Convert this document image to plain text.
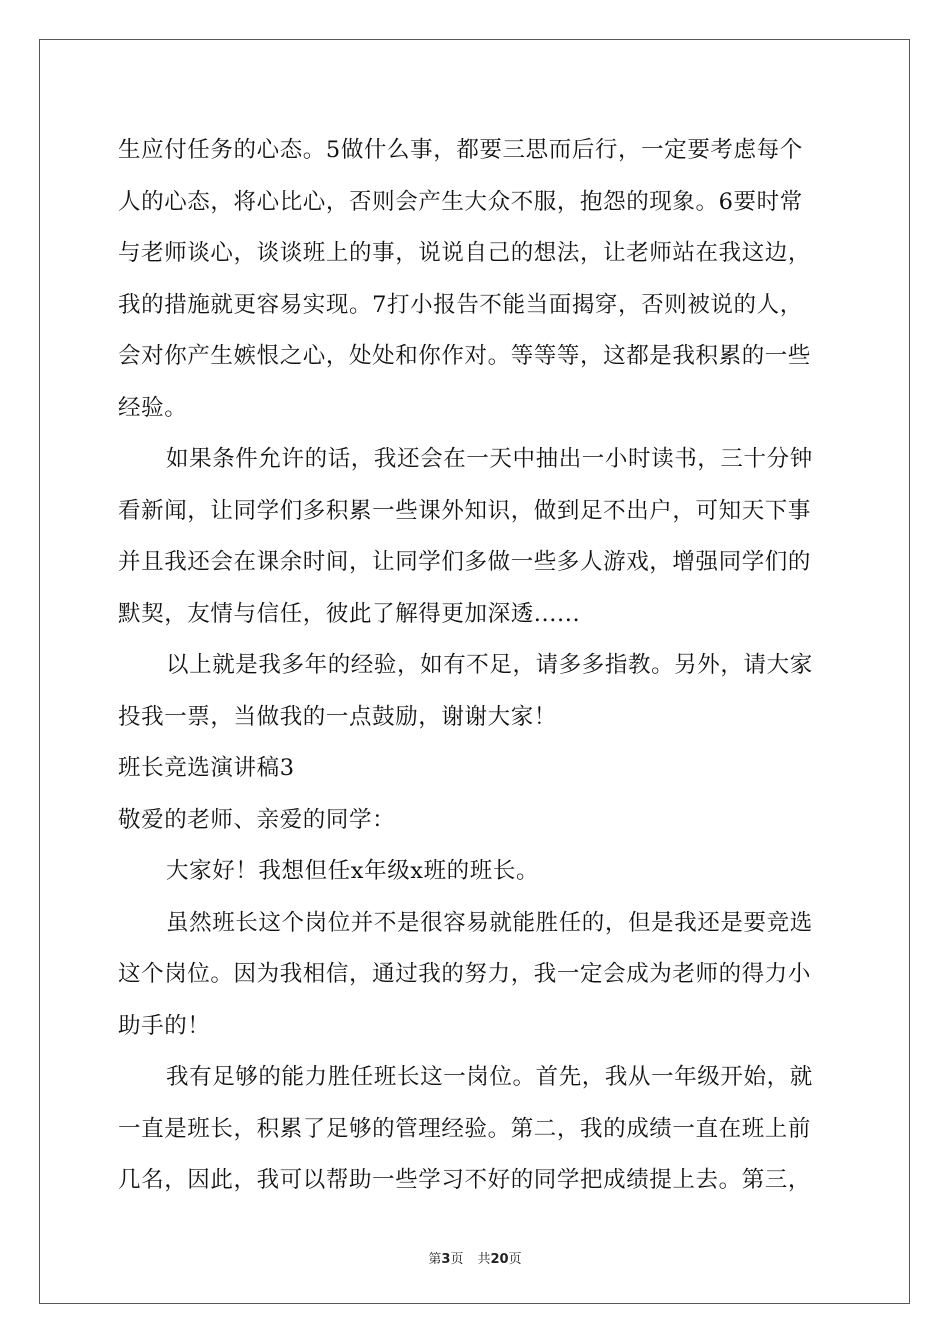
生应付任务的心态。5做什么事，都要三思而后行，一定要考虑每个
人的心态，将心比心，否则会产生大众不服，抱怨的现象。6要时常
与老师谈心，谈谈班上的事，说说自己的想法，让老师站在我这边，
我的措施就更容易实现。7打小报告不能当面揭穿，否则被说的人，
会对你产生嫉恨之心，处处和你作对。等等等，这都是我积累的一些
经验。
如果条件允许的话，我还会在一天中抽出一小时读书，三十分钟
看新闻，让同学们多积累一些课外知识，做到足不出户，可知天下事
并且我还会在课余时间，让同学们多做一些多人游戏，增强同学们的
默契，友情与信任，彼此了解得更加深透......
以上就是我多年的经验，如有不足，请多多指教。另外，请大家
投我一票，当做我的一点鼓励，谢谢大家！
班长竞选演讲稿3
敬爱的老师、亲爱的同学：
大家好！我想但任x年级x班的班长。
虽然班长这个岗位并不是很容易就能胜任的，但是我还是要竞选
这个岗位。因为我相信，通过我的努力，我一定会成为老师的得力小
助手的！
我有足够的能力胜任班长这一岗位。首先，我从一年级开始，就
一直是班长，积累了足够的管理经验。第二，我的成绩一直在班上前
几名，因此，我可以帮助一些学习不好的同学把成绩提上去。第三，
第3页 共20页
